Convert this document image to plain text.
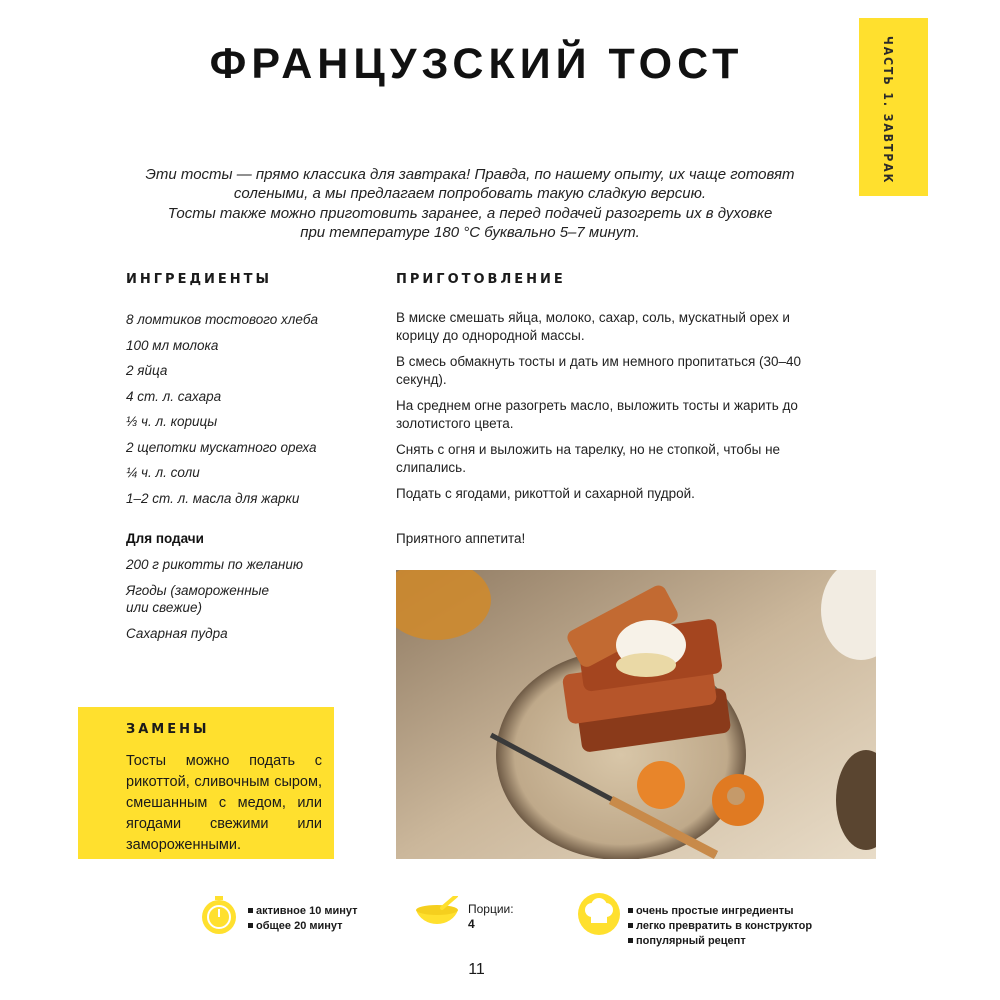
ЧАСТЬ 1. ЗАВТРАК
ФРАНЦУЗСКИЙ ТОСТ
Эти тосты — прямо классика для завтрака! Правда, по нашему опыту, их чаще готовят
солеными, а мы предлагаем попробовать такую сладкую версию.
Тосты также можно приготовить заранее, а перед подачей разогреть их в духовке
при температуре 180 °C буквально 5–7 минут.
ИНГРЕДИЕНТЫ
8 ломтиков тостового хлеба
100 мл молока
2 яйца
4 ст. л. сахара
⅓ ч. л. корицы
2 щепотки мускатного ореха
¼ ч. л. соли
1–2 ст. л. масла для жарки
Для подачи
200 г рикотты по желанию
Ягоды (замороженные или свежие)
Сахарная пудра
ПРИГОТОВЛЕНИЕ

В миске смешать яйца, молоко, сахар, соль, мускатный орех и корицу до однородной массы.

В смесь обмакнуть тосты и дать им немного пропитаться (30–40 секунд).

На среднем огне разогреть масло, выложить тосты и жарить до золотистого цвета.

Снять с огня и выложить на тарелку, но не стопкой, чтобы не слипались.

Подать с ягодами, рикоттой и сахарной пудрой.

Приятного аппетита!
ЗАМЕНЫ
Тосты можно подать с рикоттой, сливочным сыром, смешанным с медом, или ягодами свежими или замороженными.
активное 10 минут
общее 20 минут
Порции:
4
очень простые ингредиенты
легко превратить в конструктор
популярный рецепт
11
